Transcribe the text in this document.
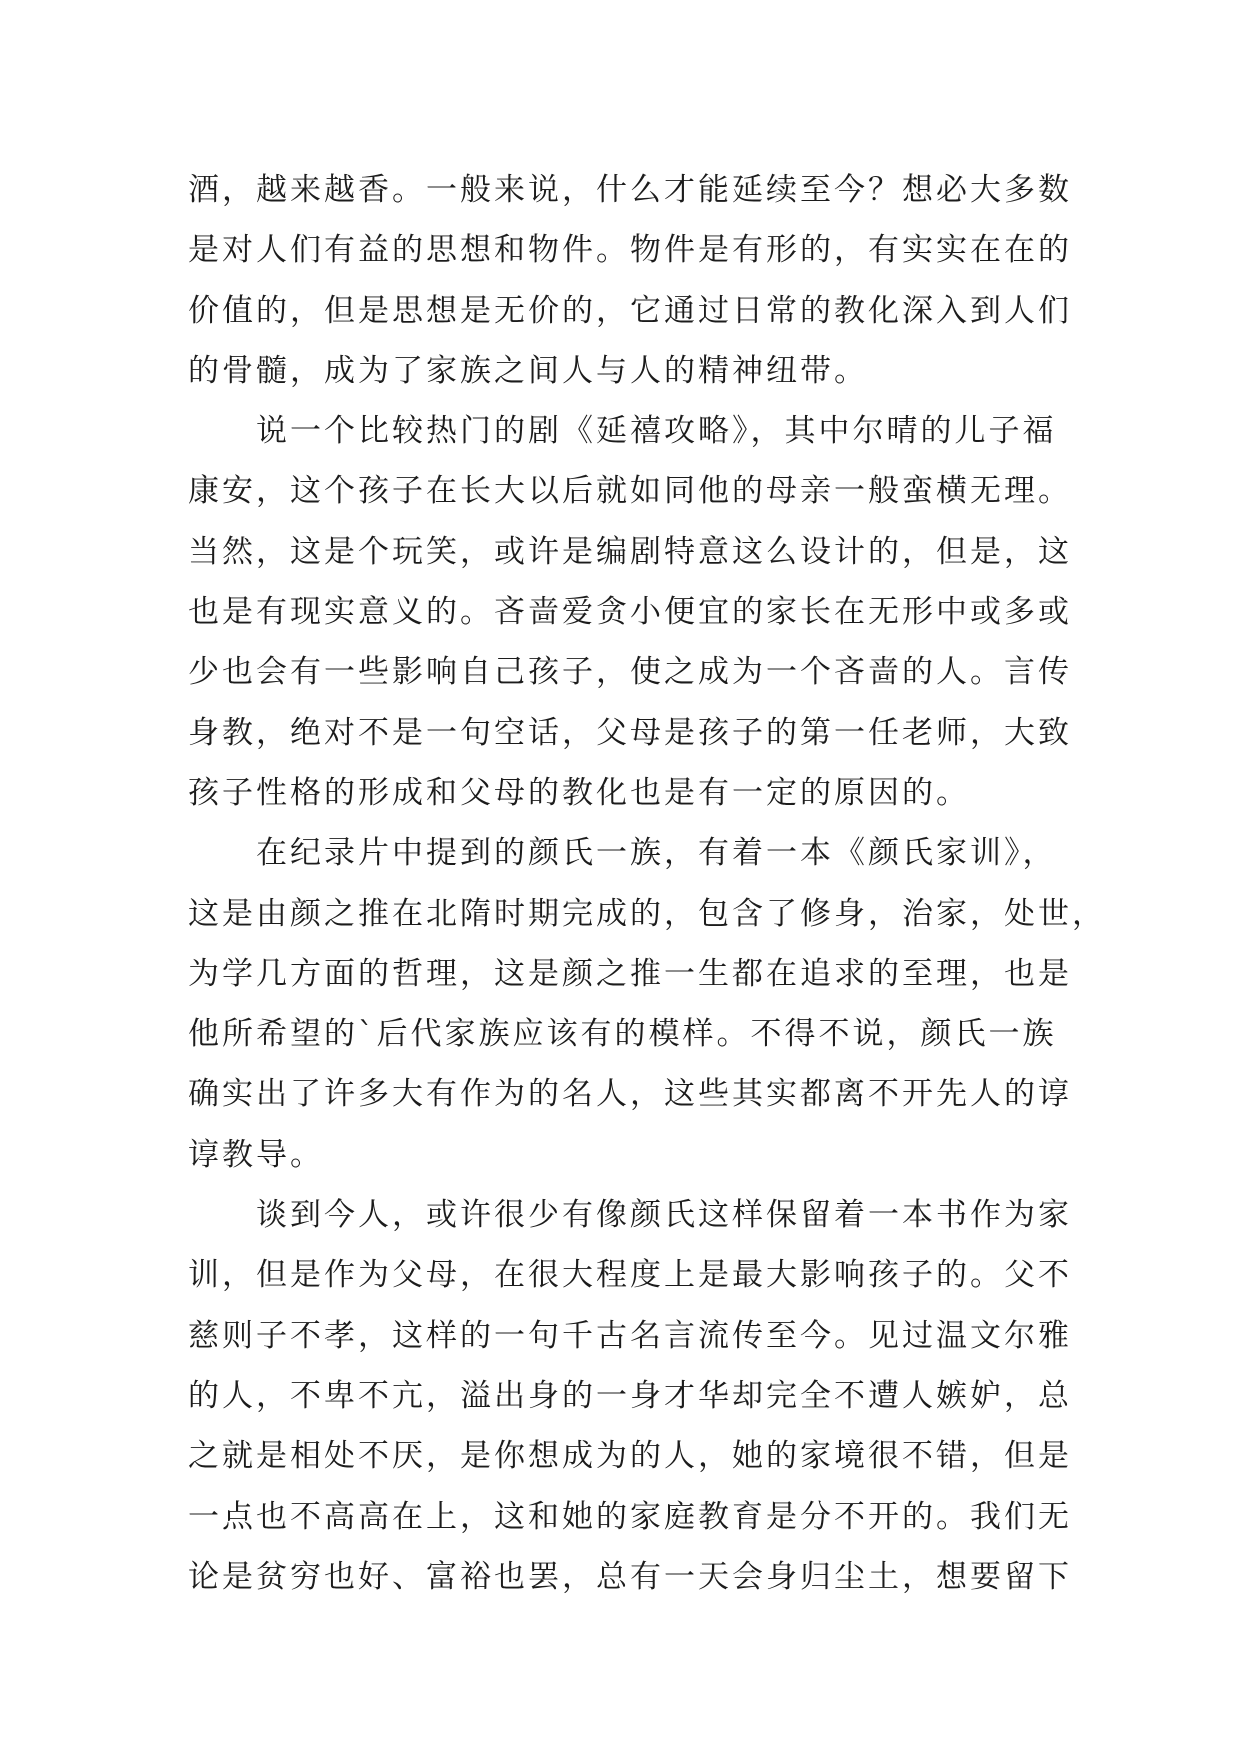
酒，越来越香。一般来说，什么才能延续至今？想必大多数
是对人们有益的思想和物件。物件是有形的，有实实在在的
价值的，但是思想是无价的，它通过日常的教化深入到人们
的骨髓，成为了家族之间人与人的精神纽带。
　　说一个比较热门的剧《延禧攻略》，其中尔晴的儿子福
康安，这个孩子在长大以后就如同他的母亲一般蛮横无理。
当然，这是个玩笑，或许是编剧特意这么设计的，但是，这
也是有现实意义的。吝啬爱贪小便宜的家长在无形中或多或
少也会有一些影响自己孩子，使之成为一个吝啬的人。言传
身教，绝对不是一句空话，父母是孩子的第一任老师，大致
孩子性格的形成和父母的教化也是有一定的原因的。
　　在纪录片中提到的颜氏一族，有着一本《颜氏家训》，
这是由颜之推在北隋时期完成的，包含了修身，治家，处世，
为学几方面的哲理，这是颜之推一生都在追求的至理，也是
他所希望的`后代家族应该有的模样。不得不说，颜氏一族
确实出了许多大有作为的名人，这些其实都离不开先人的谆
谆教导。
　　谈到今人，或许很少有像颜氏这样保留着一本书作为家
训，但是作为父母，在很大程度上是最大影响孩子的。父不
慈则子不孝，这样的一句千古名言流传至今。见过温文尔雅
的人，不卑不亢，溢出身的一身才华却完全不遭人嫉妒，总
之就是相处不厌，是你想成为的人，她的家境很不错，但是
一点也不高高在上，这和她的家庭教育是分不开的。我们无
论是贫穷也好、富裕也罢，总有一天会身归尘土，想要留下
